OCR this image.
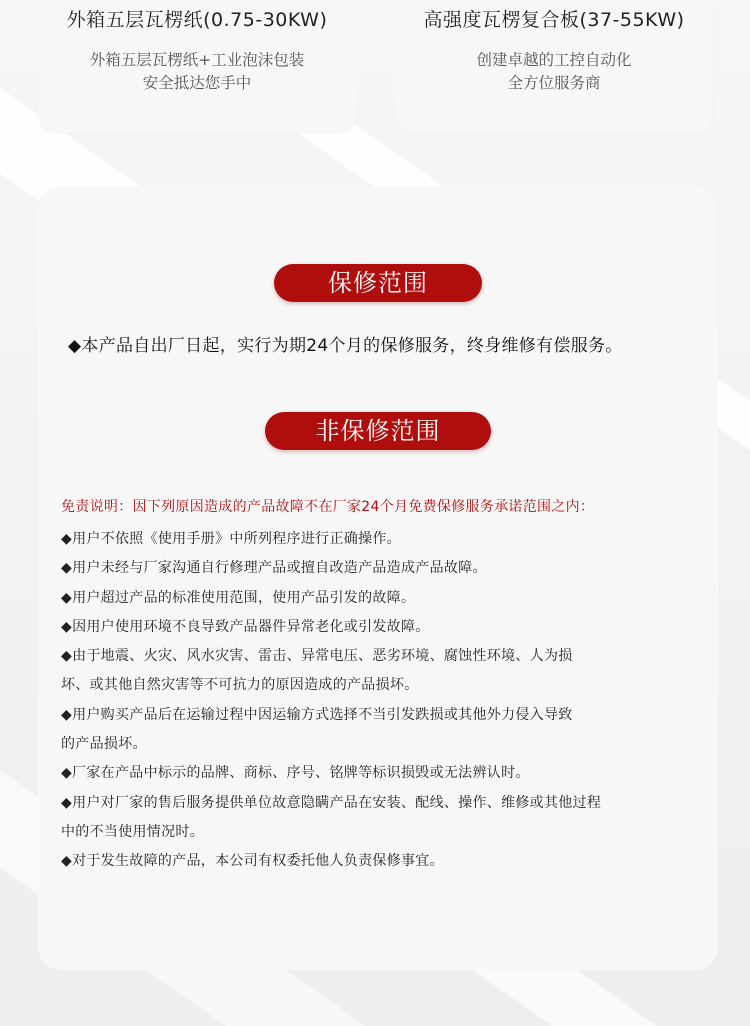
外箱五层瓦楞纸(0.75-30KW)
外箱五层瓦楞纸+工业泡沫包装
安全抵达您手中
高强度瓦楞复合板(37-55KW)
创建卓越的工控自动化
全方位服务商
保修范围
◆本产品自出厂日起，实行为期24个月的保修服务，终身维修有偿服务。
非保修范围
免责说明：因下列原因造成的产品故障不在厂家24个月免费保修服务承诺范围之内：
◆用户不依照《使用手册》中所列程序进行正确操作。
◆用户未经与厂家沟通自行修理产品或擅自改造产品造成产品故障。
◆用户超过产品的标准使用范围，使用产品引发的故障。
◆因用户使用环境不良导致产品器件异常老化或引发故障。
◆由于地震、火灾、风水灾害、雷击、异常电压、恶劣环境、腐蚀性环境、人为损
坏、或其他自然灾害等不可抗力的原因造成的产品损坏。
◆用户购买产品后在运输过程中因运输方式选择不当引发跌损或其他外力侵入导致
的产品损坏。
◆厂家在产品中标示的品牌、商标、序号、铭牌等标识损毁或无法辨认时。
◆用户对厂家的售后服务提供单位故意隐瞒产品在安装、配线、操作、维修或其他过程
中的不当使用情况时。
◆对于发生故障的产品，本公司有权委托他人负责保修事宜。
